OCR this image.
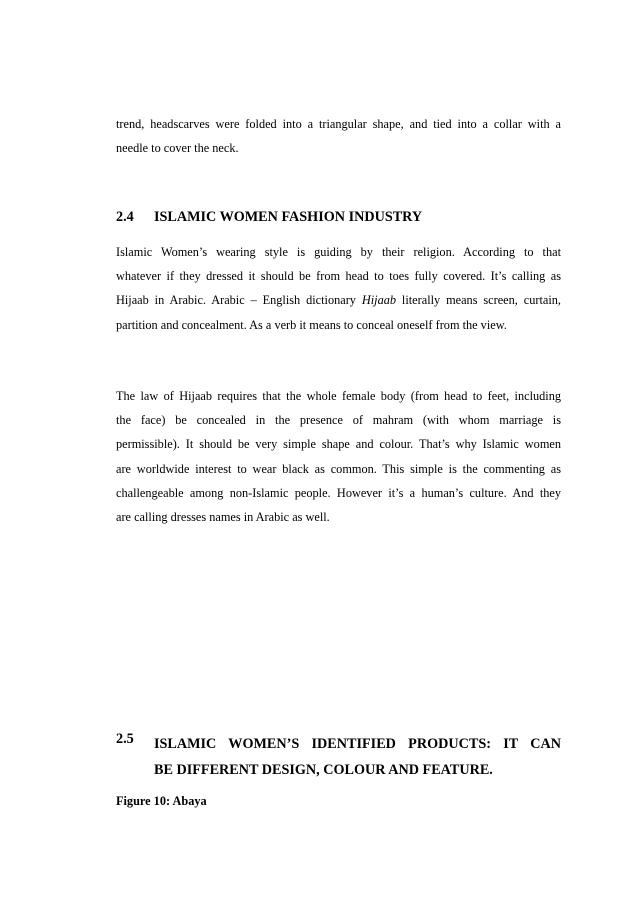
trend, headscarves were folded into a triangular shape, and tied into a collar with a
needle to cover the neck.
2.4 ISLAMIC WOMEN FASHION INDUSTRY
Islamic Women’s wearing style is guiding by their religion. According to that
whatever if they dressed it should be from head to toes fully covered. It’s calling as
Hijaab in Arabic. Arabic – English dictionary Hijaab literally means screen, curtain,
partition and concealment. As a verb it means to conceal oneself from the view.
The law of Hijaab requires that the whole female body (from head to feet, including
the face) be concealed in the presence of mahram (with whom marriage is
permissible). It should be very simple shape and colour. That’s why Islamic women
are worldwide interest to wear black as common. This simple is the commenting as
challengeable among non-Islamic people. However it’s a human’s culture. And they
are calling dresses names in Arabic as well.
2.5 ISLAMIC WOMEN’S IDENTIFIED PRODUCTS: IT CAN
BE DIFFERENT DESIGN, COLOUR AND FEATURE.
Figure 10: Abaya
